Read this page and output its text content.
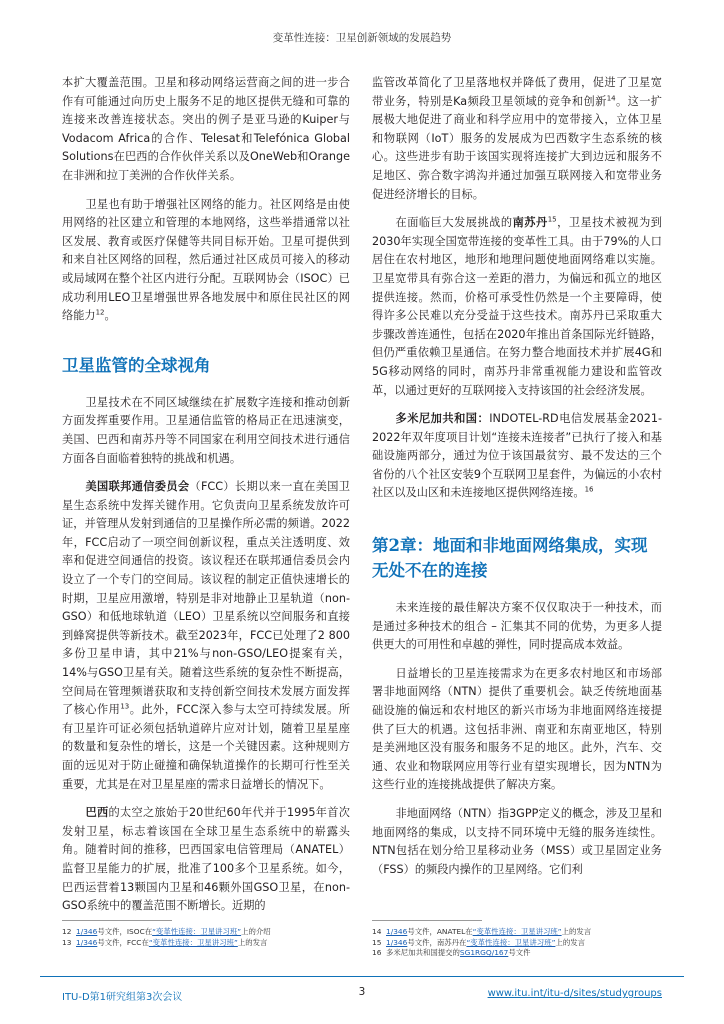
变革性连接：卫星创新领域的发展趋势

本扩大覆盖范围。卫星和移动网络运营商之间的进一步合作有可能通过向历史上服务不足的地区提供无缝和可靠的连接来改善连接状态。突出的例子是亚马逊的Kuiper与Vodacom Africa的合作、Telesat和Telefónica Global Solutions在巴西的合作伙伴关系以及OneWeb和Orange在非洲和拉丁美洲的合作伙伴关系。

卫星也有助于增强社区网络的能力。社区网络是由使用网络的社区建立和管理的本地网络，这些举措通常以社区发展、教育或医疗保健等共同目标开始。卫星可提供到和来自社区网络的回程，然后通过社区成员可接入的移动或局域网在整个社区内进行分配。互联网协会（ISOC）已成功利用LEO卫星增强世界各地发展中和原住民社区的网络能力$^{12}$。

卫星监管的全球视角

卫星技术在不同区域继续在扩展数字连接和推动创新方面发挥重要作用。卫星通信监管的格局正在迅速演变，美国、巴西和南苏丹等不同国家在利用空间技术进行通信方面各自面临着独特的挑战和机遇。

美国联邦通信委员会（FCC）长期以来一直在美国卫星生态系统中发挥关键作用。它负责向卫星系统发放许可证，并管理从发射到通信的卫星操作所必需的频谱。2022年，FCC启动了一项空间创新议程，重点关注透明度、效率和促进空间通信的投资。该议程还在联邦通信委员会内设立了一个专门的空间局。该议程的制定正值快速增长的时期，卫星应用激增，特别是非对地静止卫星轨道（non-GSO）和低地球轨道（LEO）卫星系统以空间服务和直接到蜂窝提供等新技术。截至2023年，FCC已处理了2 800多份卫星申请，其中21%与non-GSO/LEO提案有关，14%与GSO卫星有关。随着这些系统的复杂性不断提高，空间局在管理频谱获取和支持创新空间技术发展方面发挥了核心作用$^{13}$。此外，FCC深入参与太空可持续发展。所有卫星许可证必须包括轨道碎片应对计划，随着卫星星座的数量和复杂性的增长，这是一个关键因素。这种规则方面的远见对于防止碰撞和确保轨道操作的长期可行性至关重要，尤其是在对卫星星座的需求日益增长的情况下。

巴西的太空之旅始于20世纪60年代并于1995年首次发射卫星，标志着该国在全球卫星生态系统中的崭露头角。随着时间的推移，巴西国家电信管理局（ANATEL）监督卫星能力的扩展，批准了100多个卫星系统。如今，巴西运营着13颗国内卫星和46颗外国GSO卫星，在non-GSO系统中的覆盖范围不断增长。近期的

监管改革简化了卫星落地权并降低了费用，促进了卫星宽带业务，特别是Ka频段卫星领域的竞争和创新$^{14}$。这一扩展极大地促进了商业和科学应用中的宽带接入，立体卫星和物联网（IoT）服务的发展成为巴西数字生态系统的核心。这些进步有助于该国实现将连接扩大到边远和服务不足地区、弥合数字鸿沟并通过加强互联网接入和宽带业务促进经济增长的目标。

在面临巨大发展挑战的南苏丹$^{15}$，卫星技术被视为到2030年实现全国宽带连接的变革性工具。由于79%的人口居住在农村地区，地形和地理问题使地面网络难以实施。卫星宽带具有弥合这一差距的潜力，为偏远和孤立的地区提供连接。然而，价格可承受性仍然是一个主要障碍，使得许多公民难以充分受益于这些技术。南苏丹已采取重大步骤改善连通性，包括在2020年推出首条国际光纤链路，但仍严重依赖卫星通信。在努力整合地面技术并扩展4G和5G移动网络的同时，南苏丹非常重视能力建设和监管改革，以通过更好的互联网接入支持该国的社会经济发展。

多米尼加共和国：INDOTEL-RD电信发展基金2021-2022年双年度项目计划“连接未连接者”已执行了接入和基础设施两部分，通过为位于该国最贫穷、最不发达的三个省份的八个社区安装9个互联网卫星套件，为偏远的小农村社区以及山区和未连接地区提供网络连接。$^{16}$

第2章：地面和非地面网络集成，实现无处不在的连接

未来连接的最佳解决方案不仅仅取决于一种技术，而是通过多种技术的组合 – 汇集其不同的优势，为更多人提供更大的可用性和卓越的弹性，同时提高成本效益。

日益增长的卫星连接需求为在更多农村地区和市场部署非地面网络（NTN）提供了重要机会。缺乏传统地面基础设施的偏远和农村地区的新兴市场为非地面网络连接提供了巨大的机遇。这包括非洲、南亚和东南亚地区，特别是美洲地区没有服务和服务不足的地区。此外，汽车、交通、农业和物联网应用等行业有望实现增长，因为NTN为这些行业的连接挑战提供了解决方案。

非地面网络（NTN）指3GPP定义的概念，涉及卫星和地面网络的集成，以支持不同环境中无缝的服务连续性。NTN包括在划分给卫星移动业务（MSS）或卫星固定业务（FSS）的频段内操作的卫星网络。它们利

12 1/346号文件，ISOC在“变革性连接：卫星讲习班”上的介绍
13 1/346号文件，FCC在“变革性连接：卫星讲习班”上的发言
14 1/346号文件，ANATEL在“变革性连接：卫星讲习班”上的发言
15 1/346号文件，南苏丹在“变革性连接：卫星讲习班”上的发言
16 多米尼加共和国提交的SG1RGQ/167号文件
ITU-D第1研究组第3次会议	3	www.itu.int/itu-d/sites/studygroups
